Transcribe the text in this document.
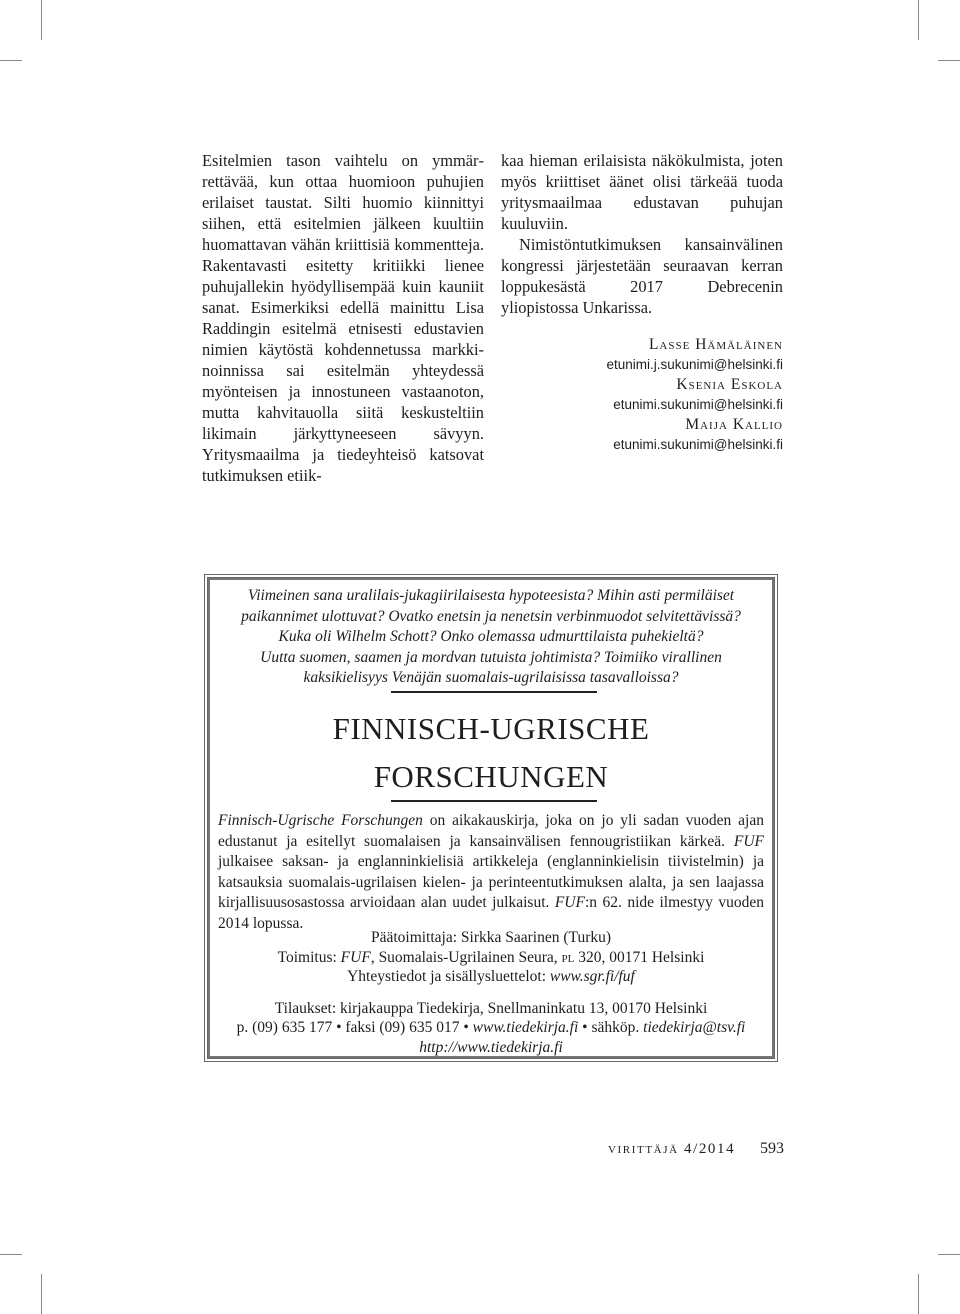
Esitelmien tason vaihtelu on ymmärrettävää, kun ottaa huomioon puhujien erilaiset taustat. Silti huomio kiinnittyi siihen, että esitelmien jälkeen kuultiin huomattavan vähän kriittisiä kommentteja. Rakentavasti esitetty kritiikki lienee puhujallekin hyödyllisempää kuin kauniit sanat. Esimerkiksi edellä mainittu Lisa Raddingin esitelmä etnisesti edustavien nimien käytöstä kohdennetussa markkinoinnissa sai esitelmän yhteydessä myönteisen ja innostuneen vastaanoton, mutta kahvitauolla siitä keskusteltiin likimain järkyttyneeseen sävyyn. Yritysmaailma ja tiedeyhteisö katsovat tutkimuksen etiik-

kaa hieman erilaisista näkökulmista, joten myös kriittiset äänet olisi tärkeää tuoda yritysmaailmaa edustavan puhujan kuuluviin.

Nimistöntutkimuksen kansainvälinen kongressi järjestetään seuraavan kerran loppukesästä 2017 Debrecenin yliopistossa Unkarissa.

Lasse Hämäläinen
etunimi.j.sukunimi@helsinki.fi
Ksenia Eskola
etunimi.sukunimi@helsinki.fi
Maija Kallio
etunimi.sukunimi@helsinki.fi
Viimeinen sana uralilais-jukagiirilaisesta hypoteesista? Mihin asti permiläiset
paikannimet ulottuvat? Ovatko enetsin ja nenetsin verbinmuodot selvitettävissä?
Kuka oli Wilhelm Schott? Onko olemassa udmurttilaista puhekieltä?
Uutta suomen, saamen ja mordvan tutuista johtimista? Toimiiko virallinen
kaksikielisyys Venäjän suomalais-ugrilaisissa tasavalloissa?
FINNISCH-UGRISCHE
FORSCHUNGEN
Finnisch-Ugrische Forschungen on aikakauskirja, joka on jo yli sadan vuoden ajan edustanut ja esitellyt suomalaisen ja kansainvälisen fennougristiikan kärkeä. FUF julkaisee saksan- ja englanninkielisiä artikkeleja (englanninkielisin tiivistelmin) ja katsauksia suomalais-ugrilaisen kielen- ja perinteentutkimuksen alalta, ja sen laajassa kirjallisuusosastossa arvioidaan alan uudet julkaisut. FUF:n 62. nide ilmestyy vuoden 2014 lopussa.
Päätoimittaja: Sirkka Saarinen (Turku)
Toimitus: FUF, Suomalais-Ugrilainen Seura, pl 320, 00171 Helsinki
Yhteystiedot ja sisällysluettelot: www.sgr.fi/fuf
Tilaukset: kirjakauppa Tiedekirja, Snellmaninkatu 13, 00170 Helsinki
p. (09) 635 177 • faksi (09) 635 017 • www.tiedekirja.fi • sähköp. tiedekirja@tsv.fi
http://www.tiedekirja.fi
virittäjä 4/2014 593
